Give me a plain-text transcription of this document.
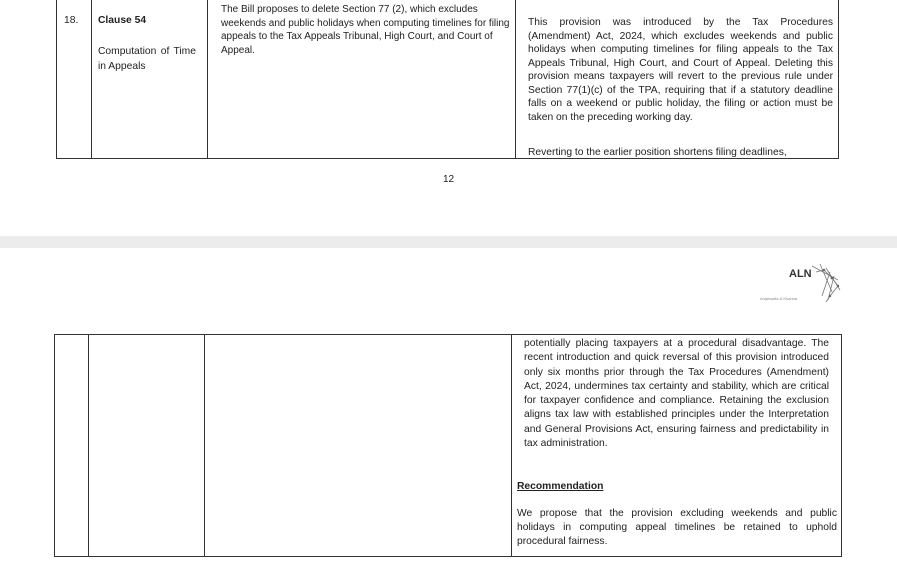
18. Clause 54
Computation of Time in Appeals
The Bill proposes to delete Section 77 (2), which excludes weekends and public holidays when computing timelines for filing appeals to the Tax Appeals Tribunal, High Court, and Court of Appeal.
This provision was introduced by the Tax Procedures (Amendment) Act, 2024, which excludes weekends and public holidays when computing timelines for filing appeals to the Tax Appeals Tribunal, High Court, and Court of Appeal. Deleting this provision means taxpayers will revert to the previous rule under Section 77(1)(c) of the TPA, requiring that if a statutory deadline falls on a weekend or public holiday, the filing or action must be taken on the preceding working day.
Reverting to the earlier position shortens filing deadlines,
12
potentially placing taxpayers at a procedural disadvantage. The recent introduction and quick reversal of this provision introduced only six months prior through the Tax Procedures (Amendment) Act, 2024, undermines tax certainty and stability, which are critical for taxpayer confidence and compliance. Retaining the exclusion aligns tax law with established principles under the Interpretation and General Provisions Act, ensuring fairness and predictability in tax administration.
Recommendation
We propose that the provision excluding weekends and public holidays in computing appeal timelines be retained to uphold procedural fairness.
ALN
Anjarwalla & Khanna
